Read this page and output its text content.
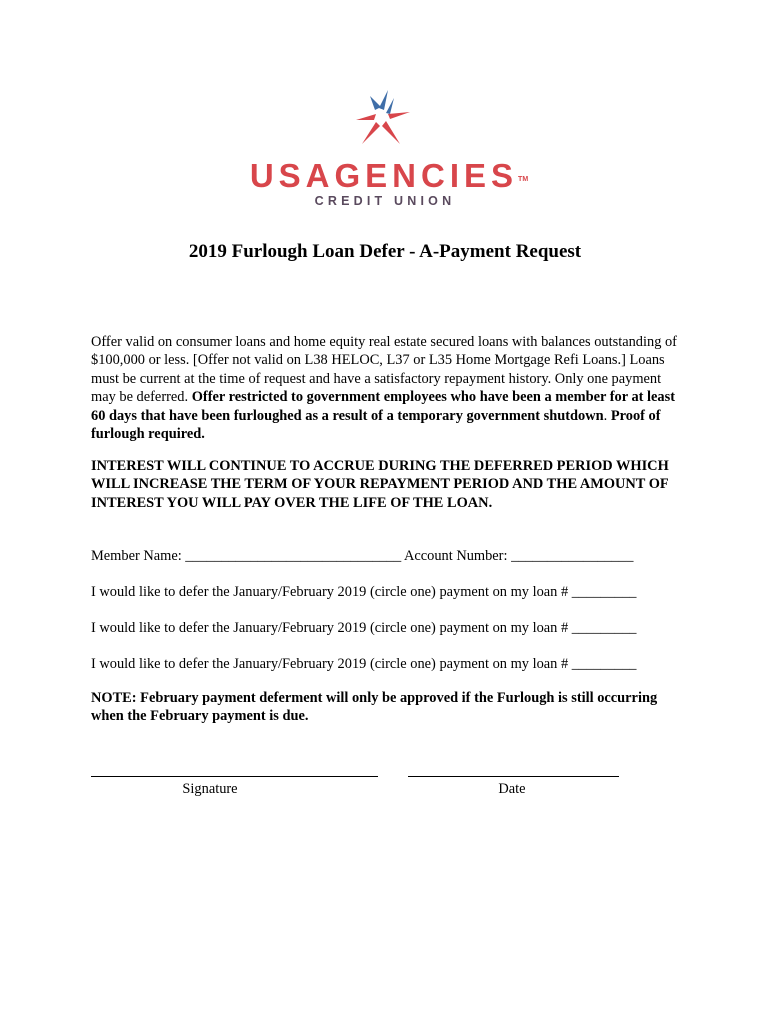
USAGENCIES™
CREDIT UNION
2019 Furlough Loan Defer - A-Payment Request
Offer valid on consumer loans and home equity real estate secured loans with balances outstanding of $100,000 or less. [Offer not valid on L38 HELOC, L37 or L35 Home Mortgage Refi Loans.] Loans must be current at the time of request and have a satisfactory repayment history. Only one payment may be deferred. Offer restricted to government employees who have been a member for at least 60 days that have been furloughed as a result of a temporary government shutdown. Proof of furlough required.
INTEREST WILL CONTINUE TO ACCRUE DURING THE DEFERRED PERIOD WHICH WILL INCREASE THE TERM OF YOUR REPAYMENT PERIOD AND THE AMOUNT OF INTEREST YOU WILL PAY OVER THE LIFE OF THE LOAN.
Member Name: ______________________________ Account Number: _________________
I would like to defer the January/February 2019 (circle one) payment on my loan # _________
I would like to defer the January/February 2019 (circle one) payment on my loan # _________
I would like to defer the January/February 2019 (circle one) payment on my loan # _________
NOTE: February payment deferment will only be approved if the Furlough is still occurring when the February payment is due.
Signature	Date
